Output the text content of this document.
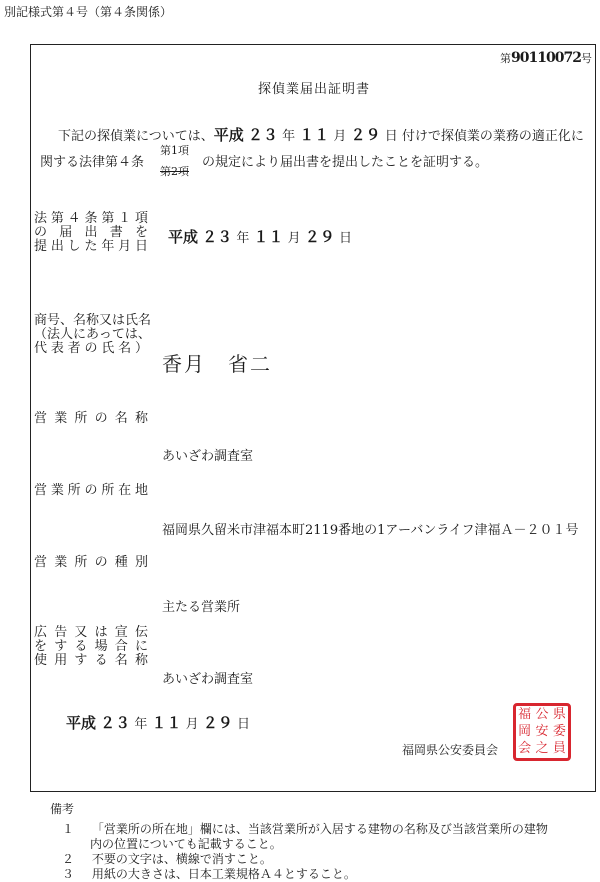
別記様式第４号（第４条関係）
第90110072号
探偵業届出証明書
下記の探偵業については、平成 ２３ 年 １１ 月 ２９ 日 付けで探偵業の業務の適正化に
関する法律第４条
第1項
第2項
の規定により届出書を提出したことを証明する。
法第４条第１項
の届出書を
提出した年月日
平成 ２３ 年 １１ 月 ２９ 日
商号、名称又は氏名
（法人にあっては、
代表者の氏名）
香月　省二
営業所の名称
あいざわ調査室
営業所の所在地
福岡県久留米市津福本町2119番地の1アーバンライフ津福Ａ－２０１号
営業所の種別
主たる営業所
広告又は宣伝
をする場合に
使用する名称
あいざわ調査室
平成 ２３ 年 １１ 月 ２９ 日
福岡県公安委員会
福 公 県
岡 安 委
会 之 員
備考
１ 「営業所の所在地」欄には、当該営業所が入居する建物の名称及び当該営業所の建物
内の位置についても記載すること。
２ 不要の文字は、横線で消すこと。
３ 用紙の大きさは、日本工業規格Ａ４とすること。
